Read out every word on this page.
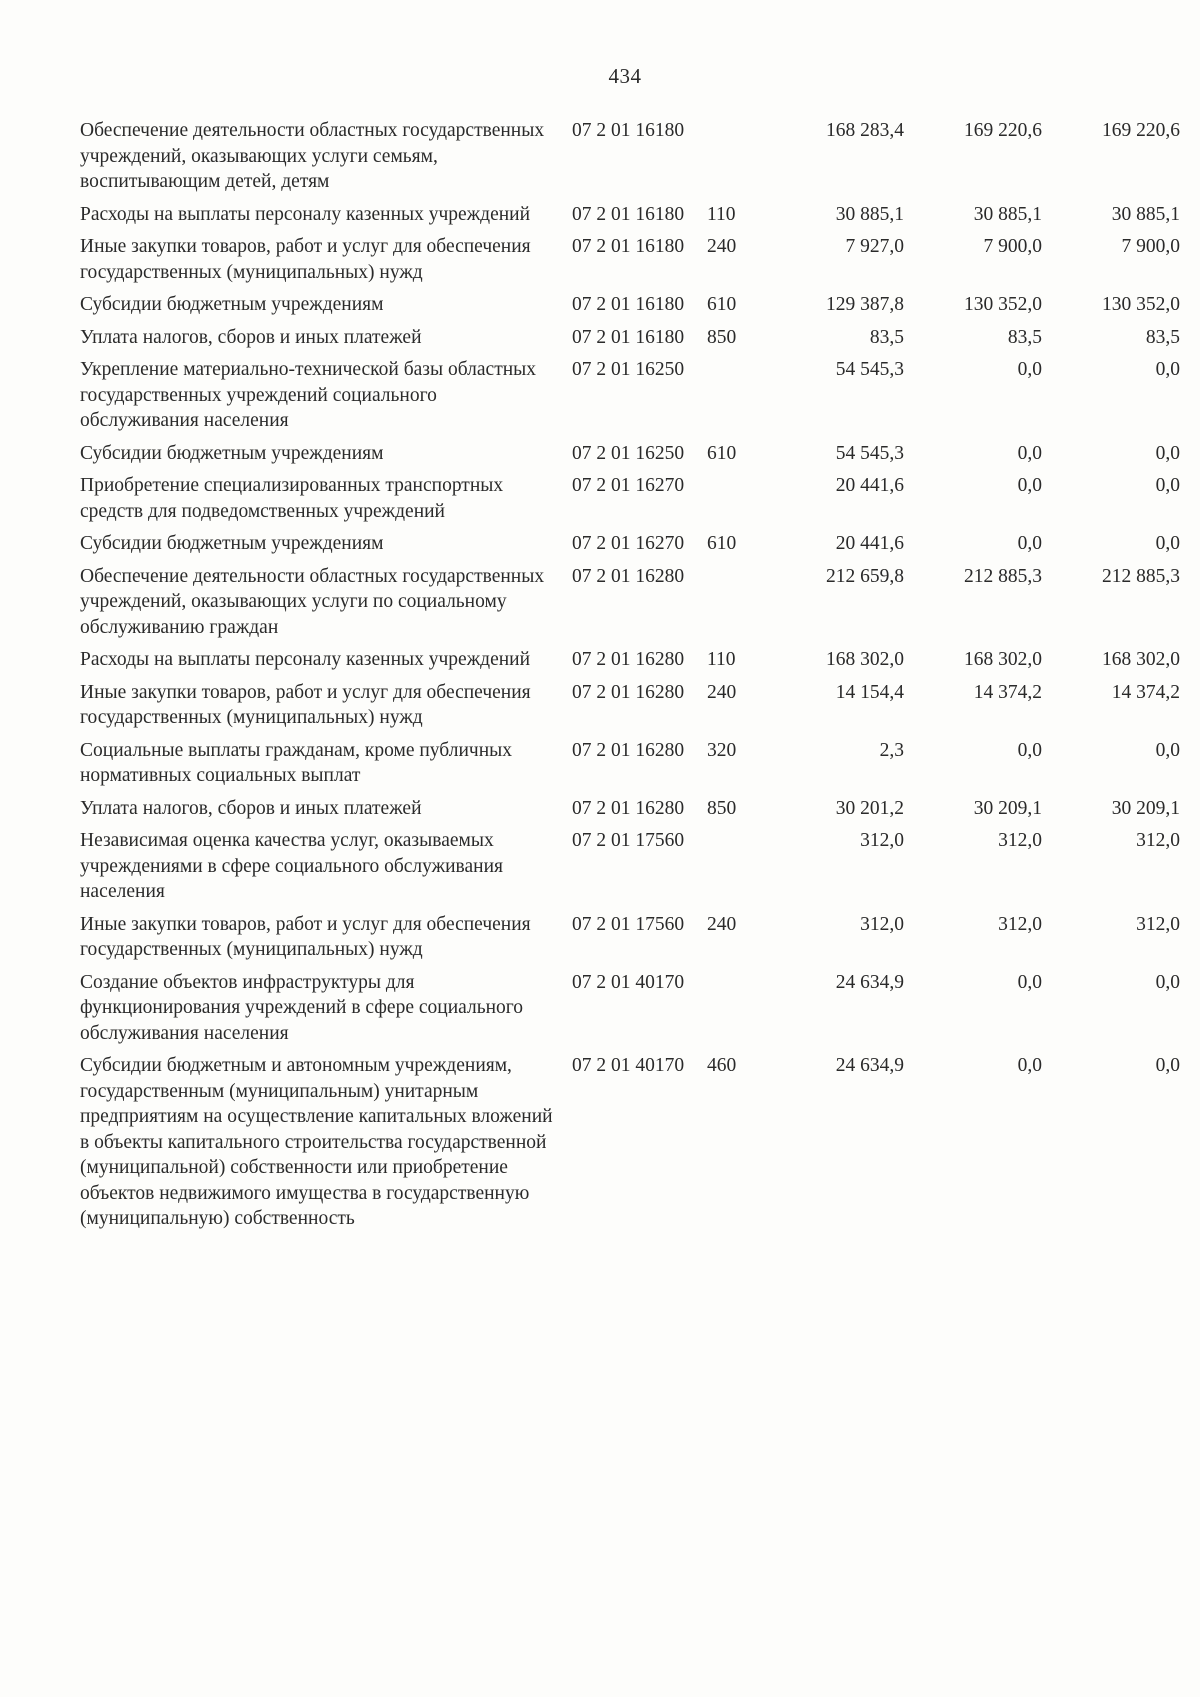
434
Обеспечение деятельности областных государственных учреждений, оказывающих услуги семьям, воспитывающим детей, детям	07 2 01 16180		168 283,4	169 220,6	169 220,6
Расходы на выплаты персоналу казенных учреждений	07 2 01 16180	110	30 885,1	30 885,1	30 885,1
Иные закупки товаров, работ и услуг для обеспечения государственных (муниципальных) нужд	07 2 01 16180	240	7 927,0	7 900,0	7 900,0
Субсидии бюджетным учреждениям	07 2 01 16180	610	129 387,8	130 352,0	130 352,0
Уплата налогов, сборов и иных платежей	07 2 01 16180	850	83,5	83,5	83,5
Укрепление материально-технической базы областных государственных учреждений социального обслуживания населения	07 2 01 16250		54 545,3	0,0	0,0
Субсидии бюджетным учреждениям	07 2 01 16250	610	54 545,3	0,0	0,0
Приобретение специализированных транспортных средств для подведомственных учреждений	07 2 01 16270		20 441,6	0,0	0,0
Субсидии бюджетным учреждениям	07 2 01 16270	610	20 441,6	0,0	0,0
Обеспечение деятельности областных государственных учреждений, оказывающих услуги по социальному обслуживанию граждан	07 2 01 16280		212 659,8	212 885,3	212 885,3
Расходы на выплаты персоналу казенных учреждений	07 2 01 16280	110	168 302,0	168 302,0	168 302,0
Иные закупки товаров, работ и услуг для обеспечения государственных (муниципальных) нужд	07 2 01 16280	240	14 154,4	14 374,2	14 374,2
Социальные выплаты гражданам, кроме публичных нормативных социальных выплат	07 2 01 16280	320	2,3	0,0	0,0
Уплата налогов, сборов и иных платежей	07 2 01 16280	850	30 201,2	30 209,1	30 209,1
Независимая оценка качества услуг, оказываемых учреждениями в сфере социального обслуживания населения	07 2 01 17560		312,0	312,0	312,0
Иные закупки товаров, работ и услуг для обеспечения государственных (муниципальных) нужд	07 2 01 17560	240	312,0	312,0	312,0
Создание объектов инфраструктуры для функционирования учреждений в сфере социального обслуживания населения	07 2 01 40170		24 634,9	0,0	0,0
Субсидии бюджетным и автономным учреждениям, государственным (муниципальным) унитарным предприятиям на осуществление капитальных вложений в объекты капитального строительства государственной (муниципальной) собственности или приобретение объектов недвижимого имущества в государственную (муниципальную) собственность	07 2 01 40170	460	24 634,9	0,0	0,0
